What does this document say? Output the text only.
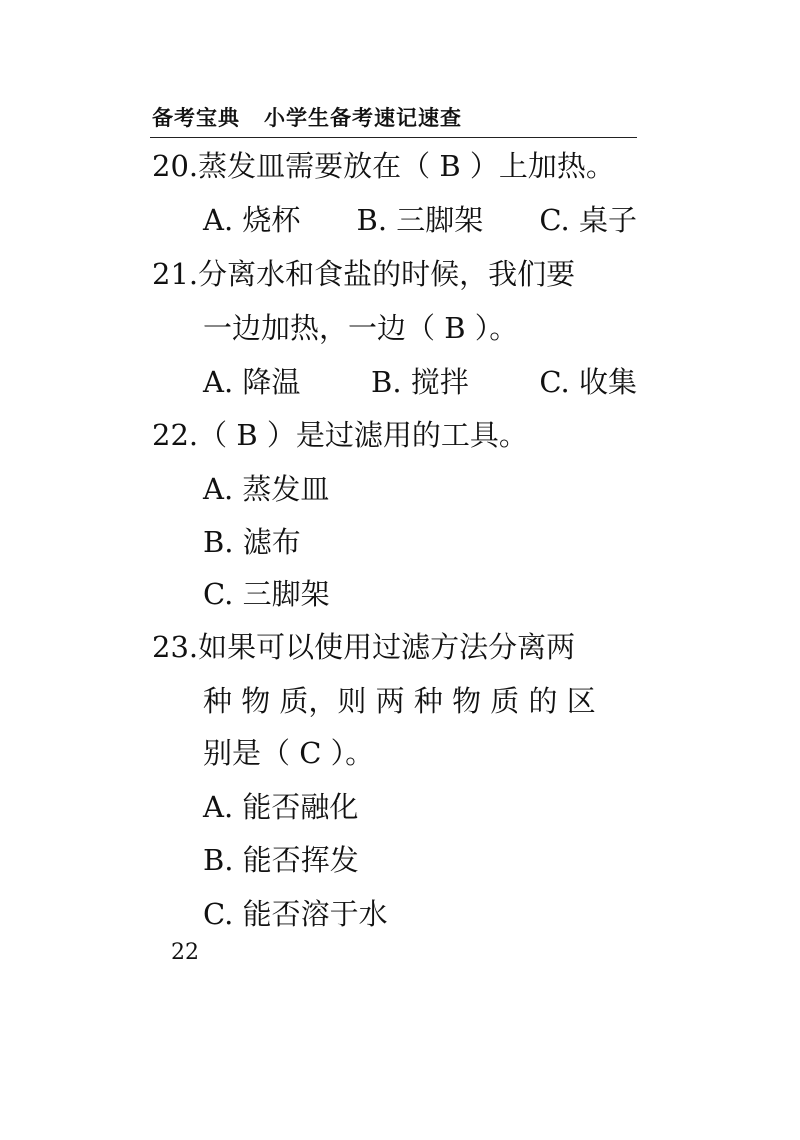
备考宝典 小学生备考速记速查
20.蒸发皿需要放在（ B ）上加热。
A. 烧杯 B. 三脚架 C. 桌子
21.分离水和食盐的时候，我们要
一边加热，一边（ B ）。
A. 降温 B. 搅拌 C. 收集
22.（ B ）是过滤用的工具。
A. 蒸发皿
B. 滤布
C. 三脚架
23.如果可以使用过滤方法分离两
种 物 质，则 两 种 物 质 的 区
别是（ C ）。
A. 能否融化
B. 能否挥发
C. 能否溶于水
22
